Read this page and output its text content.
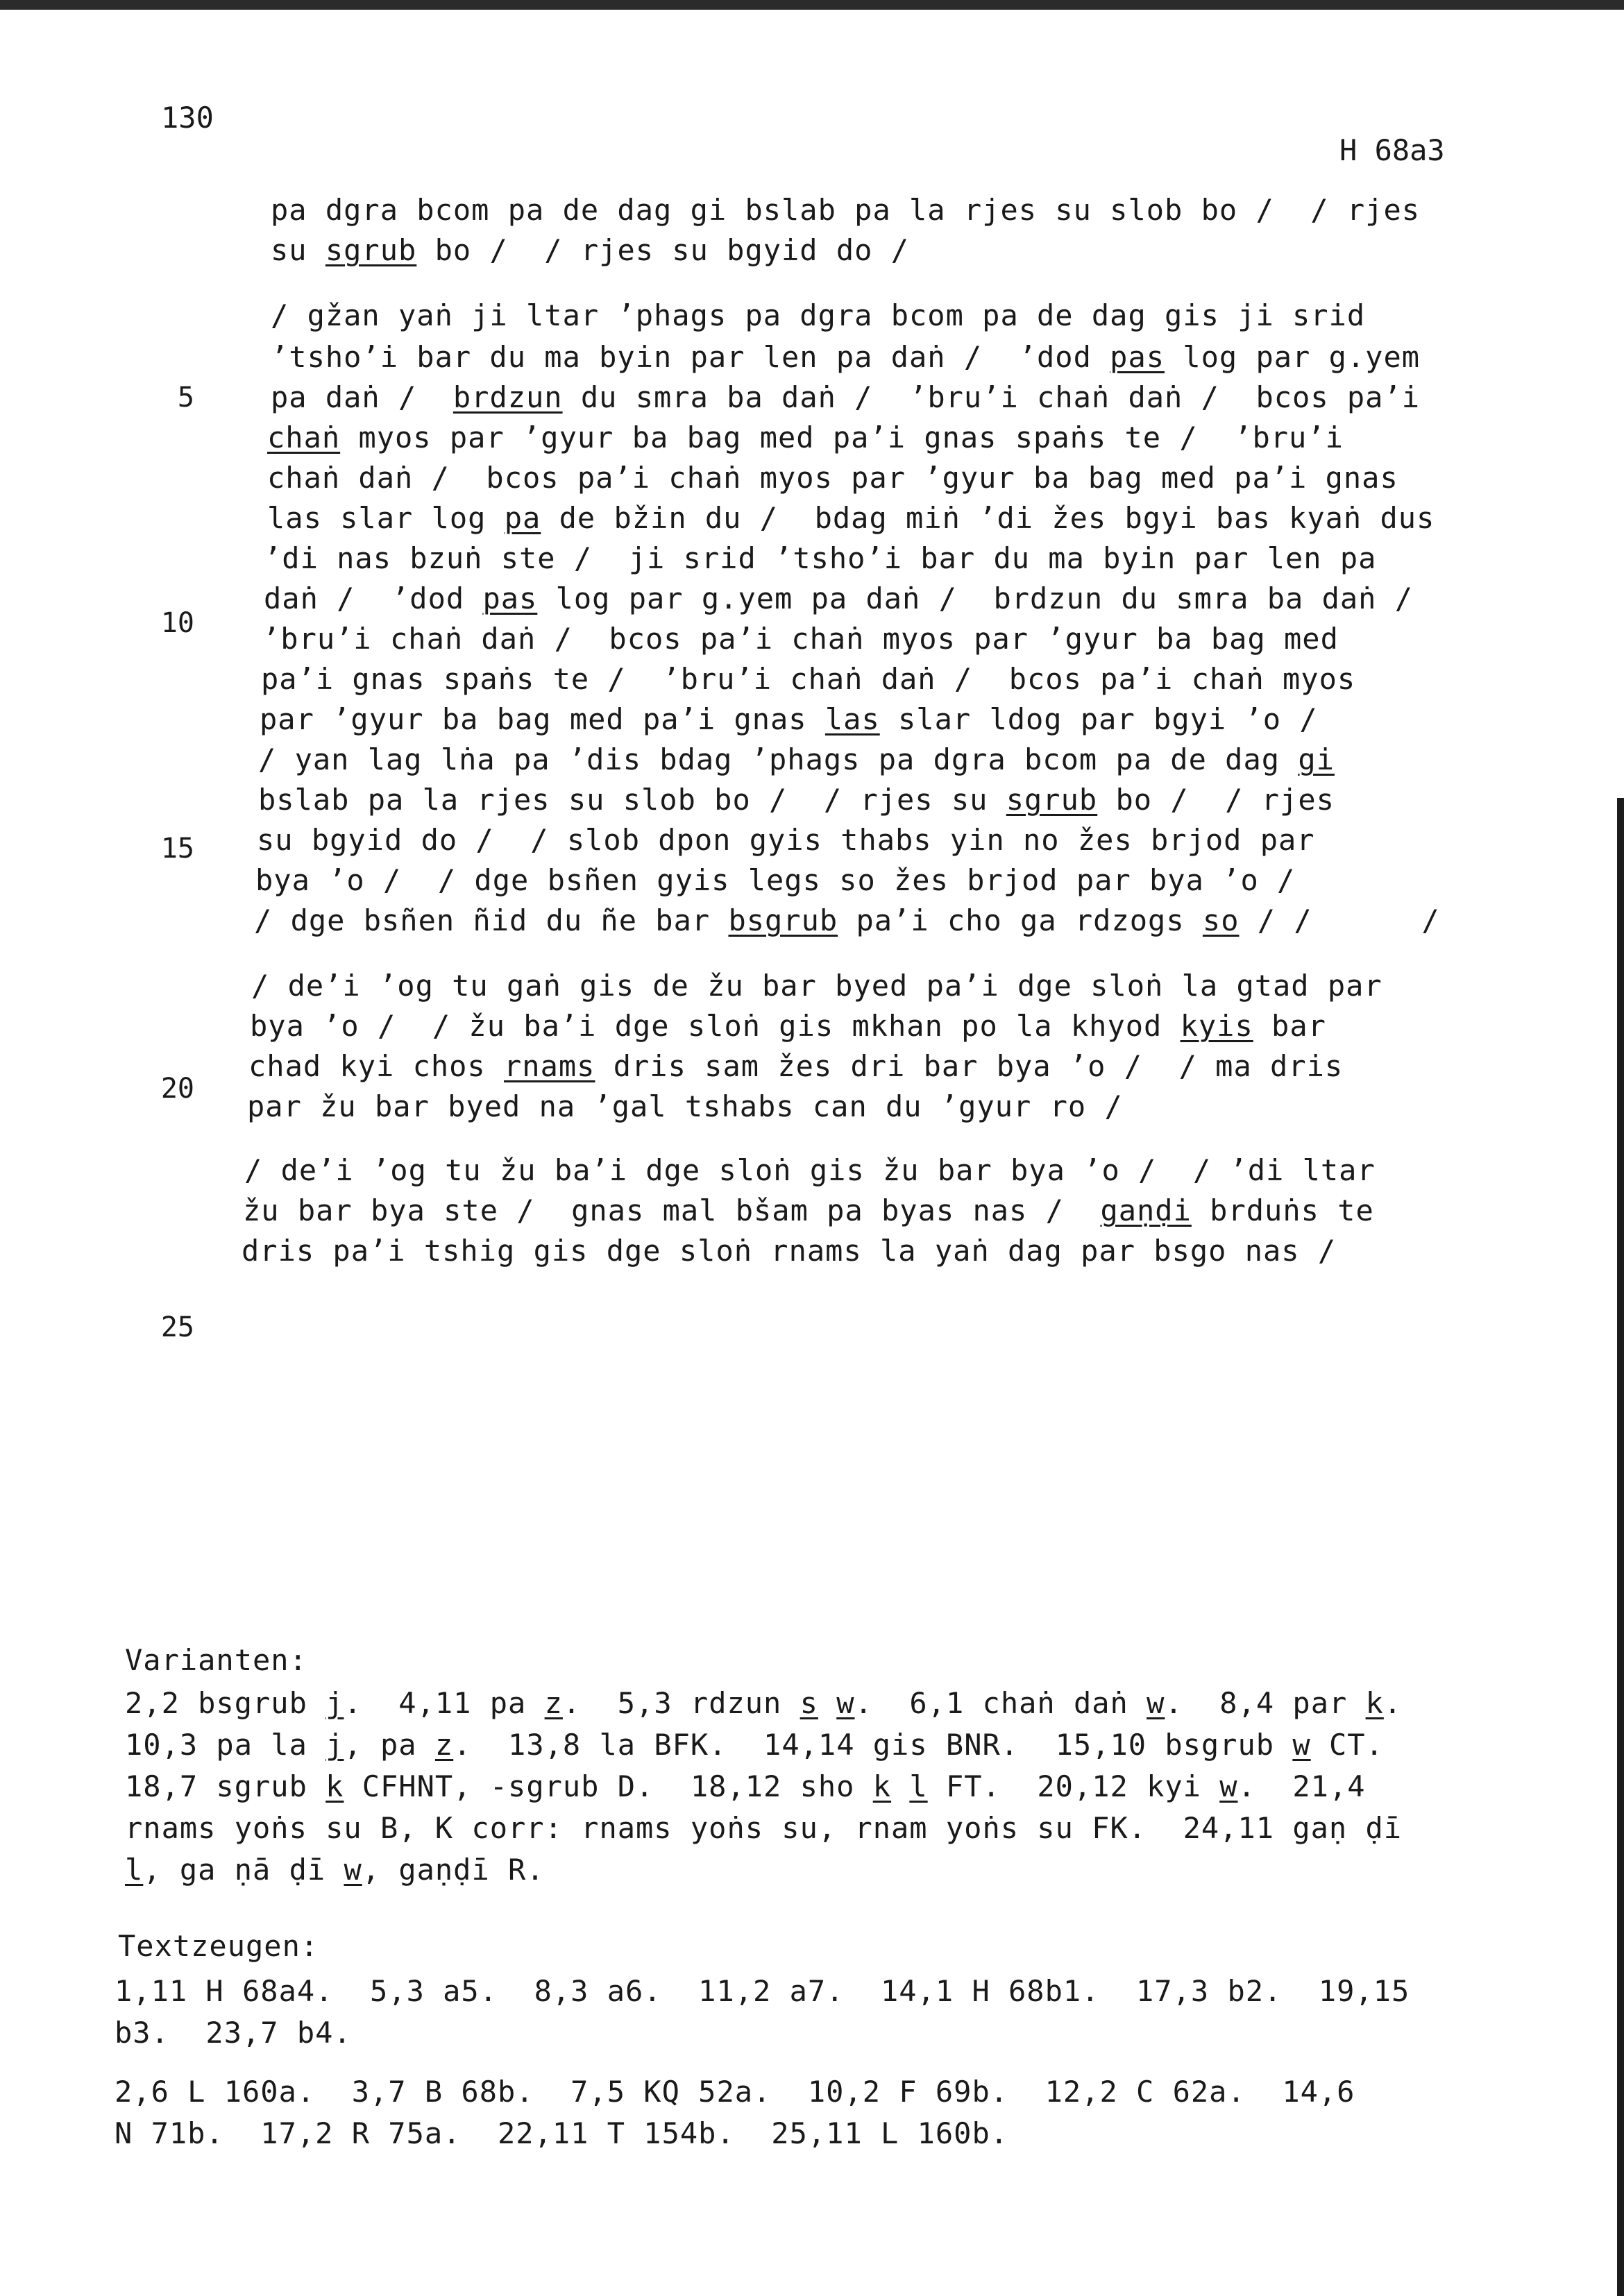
130
H 68a3
pa dgra bcom pa de dag gi bslab pa la rjes su slob bo /  / rjes
su sgrub bo /  / rjes su bgyid do /
/ gžan yaṅ ji ltar ’phags pa dgra bcom pa de dag gis ji srid
’tsho’i bar du ma byin par len pa daṅ /  ’dod pas log par g.yem
pa daṅ /  brdzun du smra ba daṅ /  ’bru’i chaṅ daṅ /  bcos pa’i
chaṅ myos par ’gyur ba bag med pa’i gnas spaṅs te /  ’bru’i
chaṅ daṅ /  bcos pa’i chaṅ myos par ’gyur ba bag med pa’i gnas
las slar log pa de bžin du /  bdag miṅ ’di žes bgyi bas kyaṅ dus
’di nas bzuṅ ste /  ji srid ’tsho’i bar du ma byin par len pa
daṅ /  ’dod pas log par g.yem pa daṅ /  brdzun du smra ba daṅ /
’bru’i chaṅ daṅ /  bcos pa’i chaṅ myos par ’gyur ba bag med
pa’i gnas spaṅs te /  ’bru’i chaṅ daṅ /  bcos pa’i chaṅ myos
par ’gyur ba bag med pa’i gnas las slar ldog par bgyi ’o /
/ yan lag lṅa pa ’dis bdag ’phags pa dgra bcom pa de dag gi
bslab pa la rjes su slob bo /  / rjes su sgrub bo /  / rjes
su bgyid do /  / slob dpon gyis thabs yin no žes brjod par
bya ’o /  / dge bsñen gyis legs so žes brjod par bya ’o /
/ dge bsñen ñid du ñe bar bsgrub pa’i cho ga rdzogs so / /      /
/ de’i ’og tu gaṅ gis de žu bar byed pa’i dge sloṅ la gtad par
bya ’o /  / žu ba’i dge sloṅ gis mkhan po la khyod kyis bar
chad kyi chos rnams dris sam žes dri bar bya ’o /  / ma dris
par žu bar byed na ’gal tshabs can du ’gyur ro /
/ de’i ’og tu žu ba’i dge sloṅ gis žu bar bya ’o /  / ’di ltar
žu bar bya ste /  gnas mal bšam pa byas nas /  gaṇḍi brduṅs te
dris pa’i tshig gis dge sloṅ rnams la yaṅ dag par bsgo nas /
5
10
15
20
25
Varianten:
2,2 bsgrub j.  4,11 pa z.  5,3 rdzun s w.  6,1 chaṅ daṅ w.  8,4 par k.
10,3 pa la j, pa z.  13,8 la BFK.  14,14 gis BNR.  15,10 bsgrub w CT.
18,7 sgrub k CFHNT, -sgrub D.  18,12 sho k l FT.  20,12 kyi w.  21,4
rnams yoṅs su B, K corr: rnams yoṅs su, rnam yoṅs su FK.  24,11 gaṇ ḍī
l, ga ṇā ḍī w, gaṇḍī R.
Textzeugen:
1,11 H 68a4.  5,3 a5.  8,3 a6.  11,2 a7.  14,1 H 68b1.  17,3 b2.  19,15
b3.  23,7 b4.
2,6 L 160a.  3,7 B 68b.  7,5 KQ 52a.  10,2 F 69b.  12,2 C 62a.  14,6
N 71b.  17,2 R 75a.  22,11 T 154b.  25,11 L 160b.
